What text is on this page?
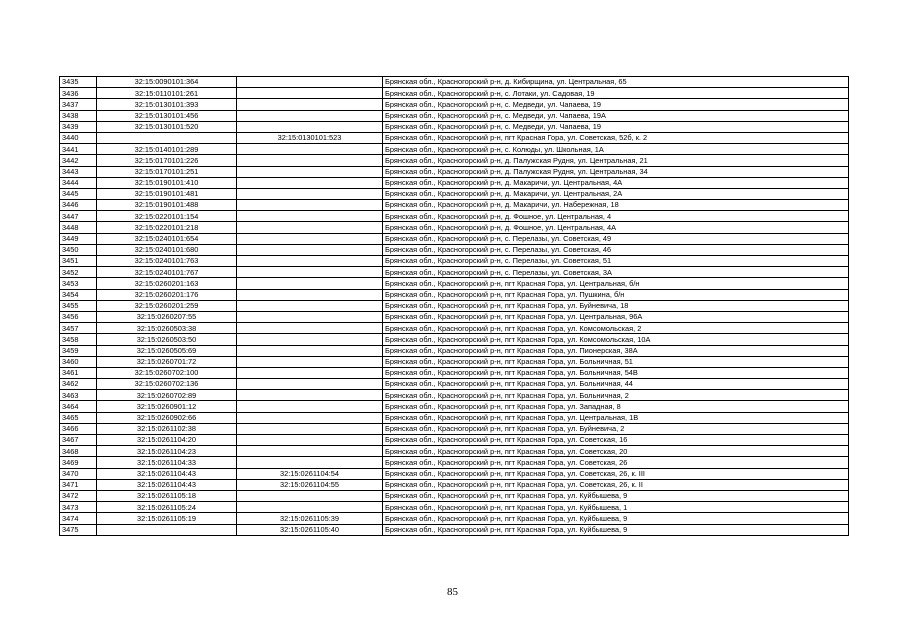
3435	32:15:0090101:364		Брянская обл., Красногорский р-н, д. Кибирщина, ул. Центральная, 65
3436	32:15:0110101:261		Брянская обл., Красногорский р-н, с. Лотаки, ул. Садовая, 19
3437	32:15:0130101:393		Брянская обл., Красногорский р-н, с. Медведи, ул. Чапаева, 19
3438	32:15:0130101:456		Брянская обл., Красногорский р-н, с. Медведи, ул. Чапаева, 19А
3439	32:15:0130101:520		Брянская обл., Красногорский р-н, с. Медведи, ул. Чапаева, 19
3440		32:15:0130101:523	Брянская обл., Красногорский р-н, пгт Красная Гора, ул. Советская, 52б, к. 2
3441	32:15:0140101:289		Брянская обл., Красногорский р-н, с. Колюды, ул. Школьная, 1А
3442	32:15:0170101:226		Брянская обл., Красногорский р-н, д. Палужская Рудня, ул. Центральная, 21
3443	32:15:0170101:251		Брянская обл., Красногорский р-н, д. Палужская Рудня, ул. Центральная, 34
3444	32:15:0190101:410		Брянская обл., Красногорский р-н, д. Макаричи, ул. Центральная, 4А
3445	32:15:0190101:481		Брянская обл., Красногорский р-н, д. Макаричи, ул. Центральная, 2А
3446	32:15:0190101:488		Брянская обл., Красногорский р-н, д. Макаричи, ул. Набережная, 18
3447	32:15:0220101:154		Брянская обл., Красногорский р-н, д. Фошное, ул. Центральная, 4
3448	32:15:0220101:218		Брянская обл., Красногорский р-н, д. Фошное, ул. Центральная, 4А
3449	32:15:0240101:654		Брянская обл., Красногорский р-н, с. Перелазы, ул. Советская, 49
3450	32:15:0240101:680		Брянская обл., Красногорский р-н, с. Перелазы, ул. Советская, 46
3451	32:15:0240101:763		Брянская обл., Красногорский р-н, с. Перелазы, ул. Советская, 51
3452	32:15:0240101:767		Брянская обл., Красногорский р-н, с. Перелазы, ул. Советская, 3А
3453	32:15:0260201:163		Брянская обл., Красногорский р-н, пгт Красная Гора, ул. Центральная, б/н
3454	32:15:0260201:176		Брянская обл., Красногорский р-н, пгт Красная Гора, ул. Пушкина, б/н
3455	32:15:0260201:259		Брянская обл., Красногорский р-н, пгт Красная Гора, ул. Буйневича, 18
3456	32:15:0260207:55		Брянская обл., Красногорский р-н, пгт Красная Гора, ул. Центральная, 96А
3457	32:15:0260503:38		Брянская обл., Красногорский р-н, пгт Красная Гора, ул. Комсомольская, 2
3458	32:15:0260503:50		Брянская обл., Красногорский р-н, пгт Красная Гора, ул. Комсомольская, 10А
3459	32:15:0260505:69		Брянская обл., Красногорский р-н, пгт Красная Гора, ул. Пионерская, 38А
3460	32:15:0260701:72		Брянская обл., Красногорский р-н, пгт Красная Гора, ул. Больничная, 51
3461	32:15:0260702:100		Брянская обл., Красногорский р-н, пгт Красная Гора, ул. Больничная, 54В
3462	32:15:0260702:136		Брянская обл., Красногорский р-н, пгт Красная Гора, ул. Больничная, 44
3463	32:15:0260702:89		Брянская обл., Красногорский р-н, пгт Красная Гора, ул. Больничная, 2
3464	32:15:0260901:12		Брянская обл., Красногорский р-н, пгт Красная Гора, ул. Западная, 8
3465	32:15:0260902:66		Брянская обл., Красногорский р-н, пгт Красная Гора, ул. Центральная, 1В
3466	32:15:0261102:38		Брянская обл., Красногорский р-н, пгт Красная Гора, ул. Буйневича, 2
3467	32:15:0261104:20		Брянская обл., Красногорский р-н, пгт Красная Гора, ул. Советская, 16
3468	32:15:0261104:23		Брянская обл., Красногорский р-н, пгт Красная Гора, ул. Советская, 20
3469	32:15:0261104:33		Брянская обл., Красногорский р-н, пгт Красная Гора, ул. Советская, 26
3470	32:15:0261104:43	32:15:0261104:54	Брянская обл., Красногорский р-н, пгт Красная Гора, ул. Советская, 26, к. III
3471	32:15:0261104:43	32:15:0261104:55	Брянская обл., Красногорский р-н, пгт Красная Гора, ул. Советская, 26, к. II
3472	32:15:0261105:18		Брянская обл., Красногорский р-н, пгт Красная Гора, ул. Куйбышева, 9
3473	32:15:0261105:24		Брянская обл., Красногорский р-н, пгт Красная Гора, ул. Куйбышева, 1
3474	32:15:0261105:19	32:15:0261105:39	Брянская обл., Красногорский р-н, пгт Красная Гора, ул. Куйбышева, 9
3475		32:15:0261105:40	Брянская обл., Красногорский р-н, пгт Красная Гора, ул. Куйбышева, 9
85
